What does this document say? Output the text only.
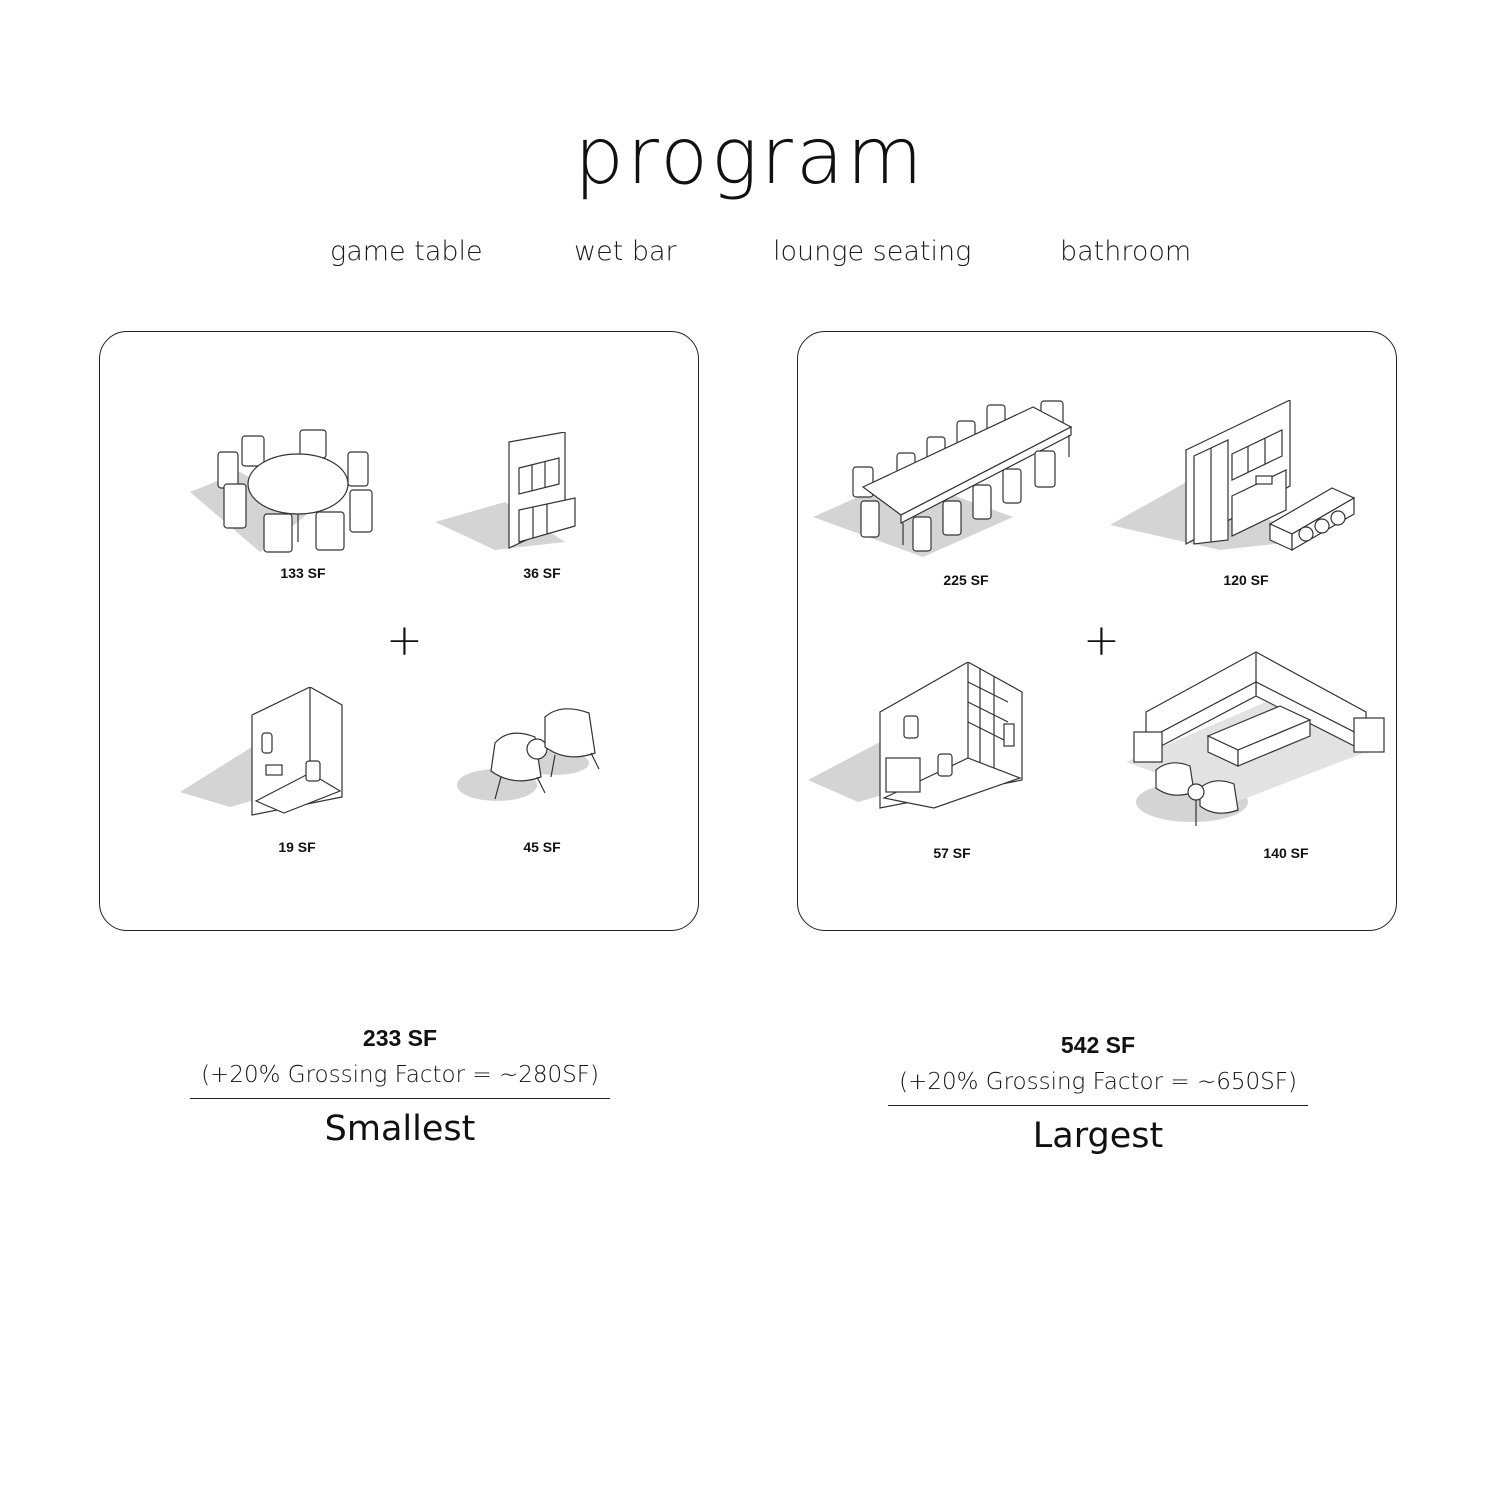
program
game table	wet bar	lounge seating	bathroom
133 SF	36 SF
+
19 SF	45 SF
225 SF	120 SF
+
57 SF	140 SF
233 SF
(+20% Grossing Factor = ~280SF)
Smallest
542 SF
(+20% Grossing Factor = ~650SF)
Largest
